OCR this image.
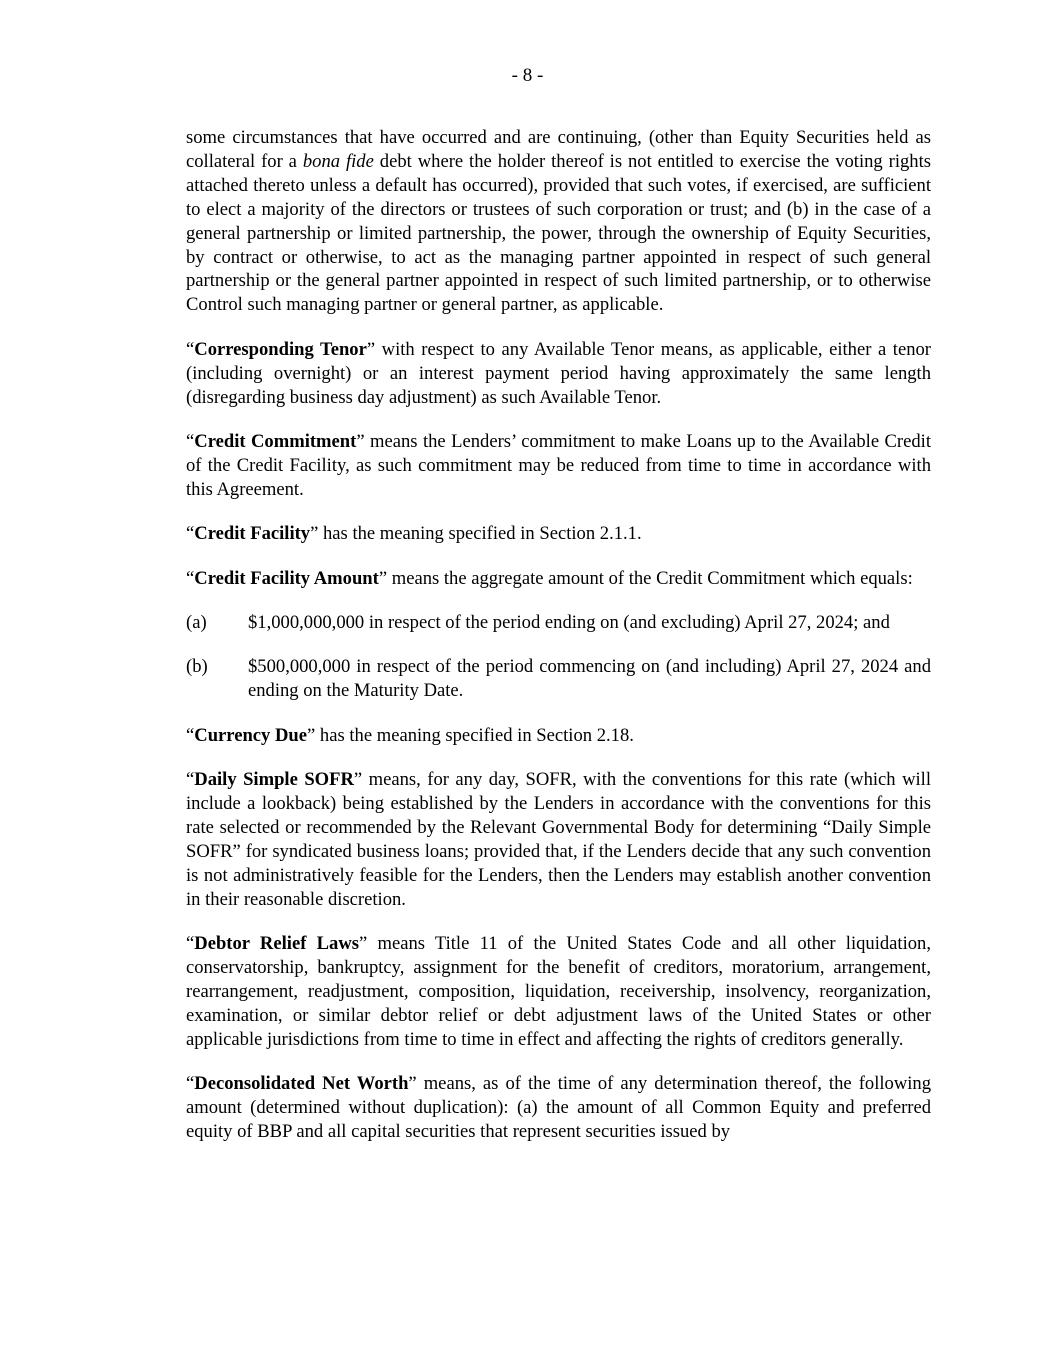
- 8 -

some circumstances that have occurred and are continuing, (other than Equity Securities held as collateral for a bona fide debt where the holder thereof is not entitled to exercise the voting rights attached thereto unless a default has occurred), provided that such votes, if exercised, are sufficient to elect a majority of the directors or trustees of such corporation or trust; and (b) in the case of a general partnership or limited partnership, the power, through the ownership of Equity Securities, by contract or otherwise, to act as the managing partner appointed in respect of such general partnership or the general partner appointed in respect of such limited partnership, or to otherwise Control such managing partner or general partner, as applicable.

“Corresponding Tenor” with respect to any Available Tenor means, as applicable, either a tenor (including overnight) or an interest payment period having approximately the same length (disregarding business day adjustment) as such Available Tenor.

“Credit Commitment” means the Lenders’ commitment to make Loans up to the Available Credit of the Credit Facility, as such commitment may be reduced from time to time in accordance with this Agreement.

“Credit Facility” has the meaning specified in Section 2.1.1.

“Credit Facility Amount” means the aggregate amount of the Credit Commitment which equals:

(a)	$1,000,000,000 in respect of the period ending on (and excluding) April 27, 2024; and
(b)	$500,000,000 in respect of the period commencing on (and including) April 27, 2024 and ending on the Maturity Date.

“Currency Due” has the meaning specified in Section 2.18.

“Daily Simple SOFR” means, for any day, SOFR, with the conventions for this rate (which will include a lookback) being established by the Lenders in accordance with the conventions for this rate selected or recommended by the Relevant Governmental Body for determining “Daily Simple SOFR” for syndicated business loans; provided that, if the Lenders decide that any such convention is not administratively feasible for the Lenders, then the Lenders may establish another convention in their reasonable discretion.

“Debtor Relief Laws” means Title 11 of the United States Code and all other liquidation, conservatorship, bankruptcy, assignment for the benefit of creditors, moratorium, arrangement, rearrangement, readjustment, composition, liquidation, receivership, insolvency, reorganization, examination, or similar debtor relief or debt adjustment laws of the United States or other applicable jurisdictions from time to time in effect and affecting the rights of creditors generally.

“Deconsolidated Net Worth” means, as of the time of any determination thereof, the following amount (determined without duplication): (a) the amount of all Common Equity and preferred equity of BBP and all capital securities that represent securities issued by
